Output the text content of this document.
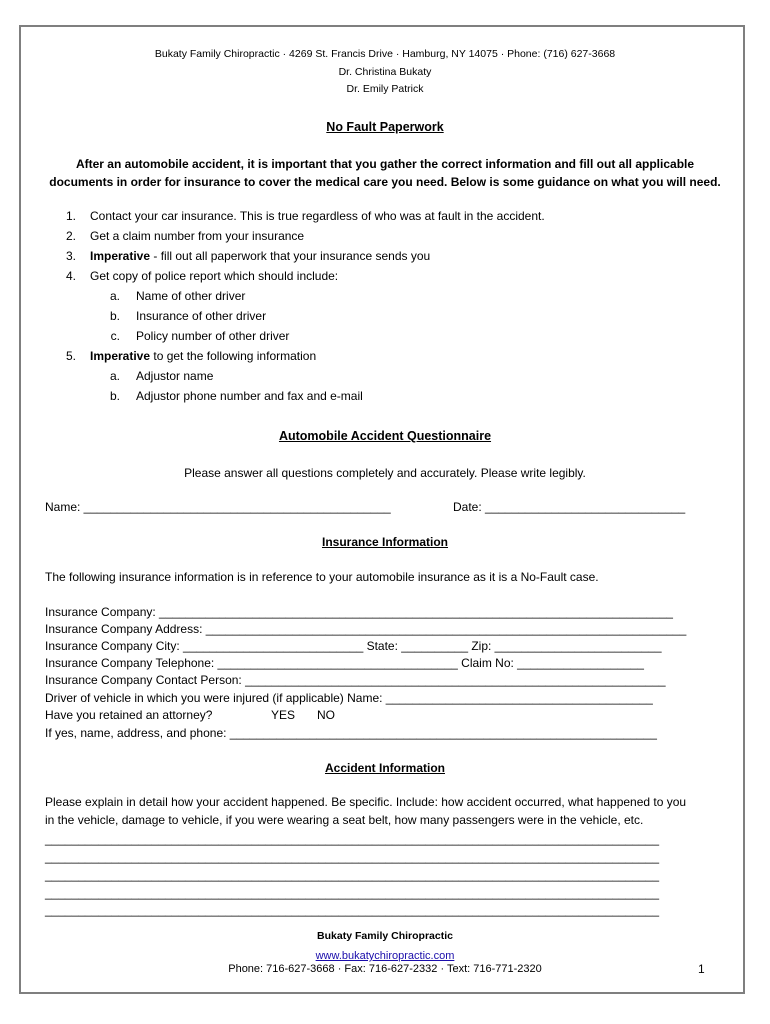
Bukaty Family Chiropractic · 4269 St. Francis Drive · Hamburg, NY 14075 · Phone: (716) 627-3668
Dr. Christina Bukaty
Dr. Emily Patrick
No Fault Paperwork
After an automobile accident, it is important that you gather the correct information and fill out all applicable
documents in order for insurance to cover the medical care you need. Below is some guidance on what you will need.
1. Contact your car insurance. This is true regardless of who was at fault in the accident.
2. Get a claim number from your insurance
3. Imperative - fill out all paperwork that your insurance sends you
4. Get copy of police report which should include:
a. Name of other driver
b. Insurance of other driver
c. Policy number of other driver
5. Imperative to get the following information
a. Adjustor name
b. Adjustor phone number and fax and e-mail
Automobile Accident Questionnaire
Please answer all questions completely and accurately. Please write legibly.
Name: ______________________________________________	Date: ______________________________
Insurance Information
The following insurance information is in reference to your automobile insurance as it is a No-Fault case.
Insurance Company: _____________________________________________________________________________
Insurance Company Address: ________________________________________________________________________
Insurance Company City: ___________________________ State: __________ Zip: _________________________
Insurance Company Telephone: ____________________________________ Claim No: ___________________
Insurance Company Contact Person: _______________________________________________________________
Driver of vehicle in which you were injured (if applicable) Name: ________________________________________
Have you retained an attorney?	YES NO
If yes, name, address, and phone: ________________________________________________________________
Accident Information
Please explain in detail how your accident happened. Be specific. Include: how accident occurred, what happened to you
in the vehicle, damage to vehicle, if you were wearing a seat belt, how many passengers were in the vehicle, etc.
____________________________________________________________________________________________
____________________________________________________________________________________________
____________________________________________________________________________________________
____________________________________________________________________________________________
____________________________________________________________________________________________
Bukaty Family Chiropractic
www.bukatychiropractic.com
Phone: 716-627-3668 · Fax: 716-627-2332 · Text: 716-771-2320	1
